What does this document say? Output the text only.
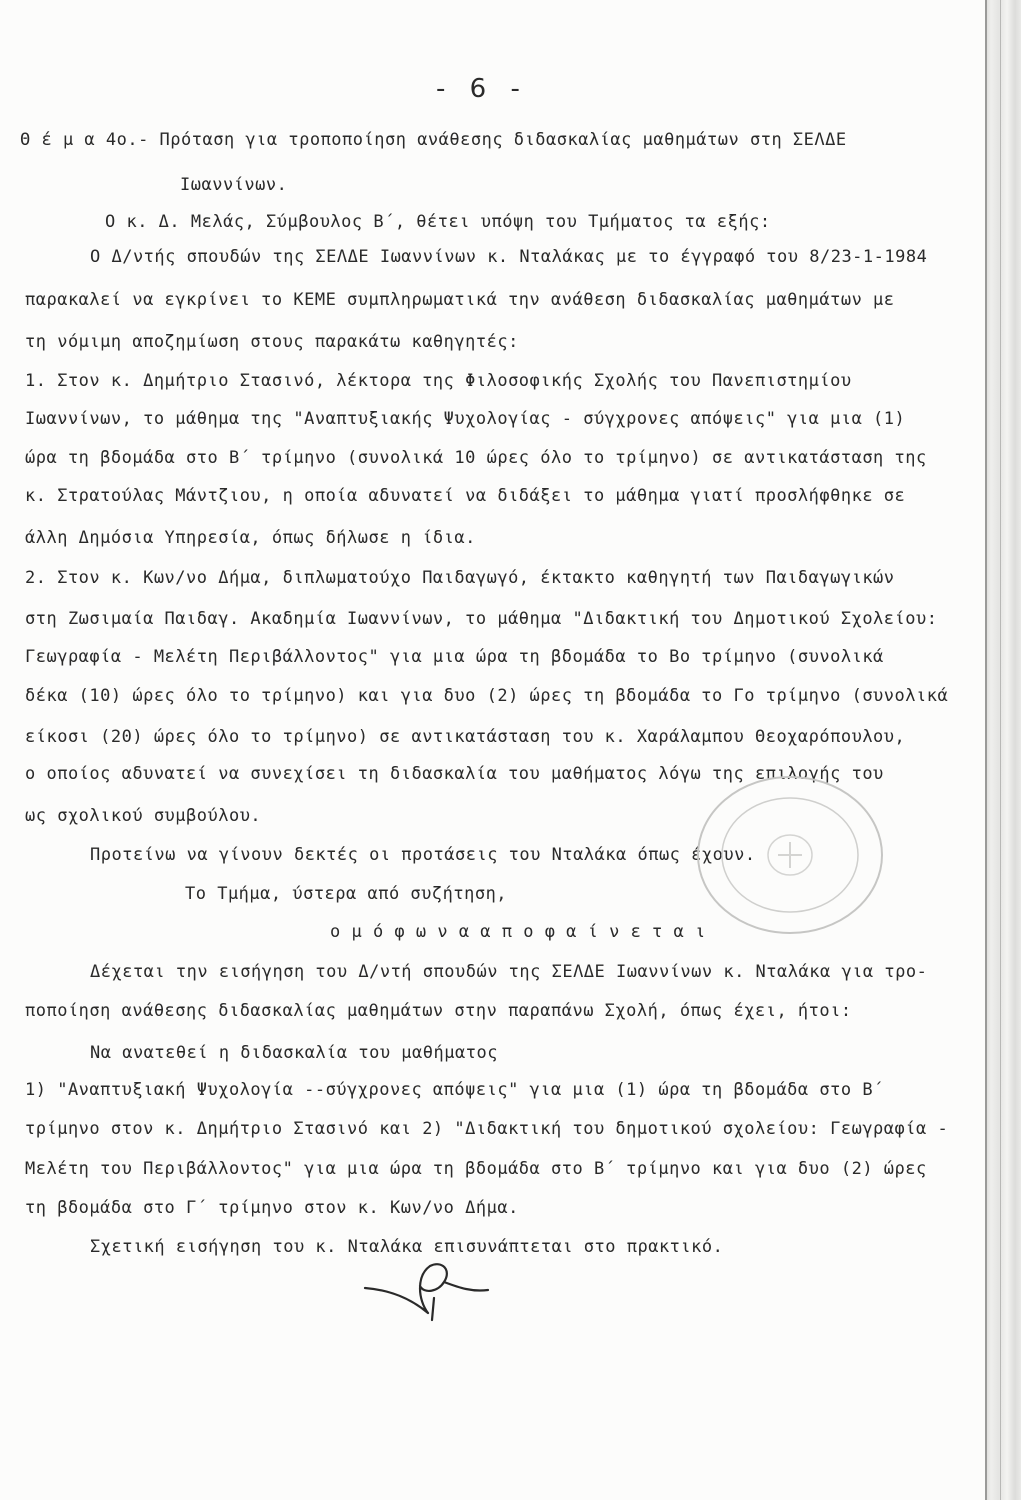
- 6 -
Θ έ μ α 4ο.- Πρόταση για τροποποίηση ανάθεσης διδασκαλίας μαθημάτων στη ΣΕΛΔΕ
Ιωαννίνων.
Ο κ. Δ. Μελάς, Σύμβουλος Β΄, θέτει υπόψη του Τμήματος τα εξής:
Ο Δ/ντής σπουδών της ΣΕΛΔΕ Ιωαννίνων κ. Νταλάκας με το έγγραφό του 8/23-1-1984
παρακαλεί να εγκρίνει το ΚΕΜΕ συμπληρωματικά την ανάθεση διδασκαλίας μαθημάτων με
τη νόμιμη αποζημίωση στους παρακάτω καθηγητές:
1. Στον κ. Δημήτριο Στασινό, λέκτορα της Φιλοσοφικής Σχολής του Πανεπιστημίου
Ιωαννίνων, το μάθημα της "Αναπτυξιακής Ψυχολογίας - σύγχρονες απόψεις" για μια (1)
ώρα τη βδομάδα στο Β΄ τρίμηνο (συνολικά 10 ώρες όλο το τρίμηνο) σε αντικατάσταση της
κ. Στρατούλας Μάντζιου, η οποία αδυνατεί να διδάξει το μάθημα γιατί προσλήφθηκε σε
άλλη Δημόσια Υπηρεσία, όπως δήλωσε η ίδια.
2. Στον κ. Κων/νο Δήμα, διπλωματούχο Παιδαγωγό, έκτακτο καθηγητή των Παιδαγωγικών
στη Ζωσιμαία Παιδαγ. Ακαδημία Ιωαννίνων, το μάθημα "Διδακτική του Δημοτικού Σχολείου:
Γεωγραφία - Μελέτη Περιβάλλοντος" για μια ώρα τη βδομάδα το Βο τρίμηνο (συνολικά
δέκα (10) ώρες όλο το τρίμηνο) και για δυο (2) ώρες τη βδομάδα το Γο τρίμηνο (συνολικά
είκοσι (20) ώρες όλο το τρίμηνο) σε αντικατάσταση του κ. Χαράλαμπου Θεοχαρόπουλου,
ο οποίος αδυνατεί να συνεχίσει τη διδασκαλία του μαθήματος λόγω της επιλογής του
ως σχολικού συμβούλου.
Προτείνω να γίνουν δεκτές οι προτάσεις του Νταλάκα όπως έχουν.
Το Τμήμα, ύστερα από συζήτηση,
ο μ ό φ ω ν α α π ο φ α ί ν ε τ α ι
Δέχεται την εισήγηση του Δ/ντή σπουδών της ΣΕΛΔΕ Ιωαννίνων κ. Νταλάκα για τρο-
ποποίηση ανάθεσης διδασκαλίας μαθημάτων στην παραπάνω Σχολή, όπως έχει, ήτοι:
Να ανατεθεί η διδασκαλία του μαθήματος
1) "Αναπτυξιακή Ψυχολογία --σύγχρονες απόψεις" για μια (1) ώρα τη βδομάδα στο Β΄
τρίμηνο στον κ. Δημήτριο Στασινό και 2) "Διδακτική του δημοτικού σχολείου: Γεωγραφία -
Μελέτη του Περιβάλλοντος" για μια ώρα τη βδομάδα στο Β΄ τρίμηνο και για δυο (2) ώρες
τη βδομάδα στο Γ΄ τρίμηνο στον κ. Κων/νο Δήμα.
Σχετική εισήγηση του κ. Νταλάκα επισυνάπτεται στο πρακτικό.
